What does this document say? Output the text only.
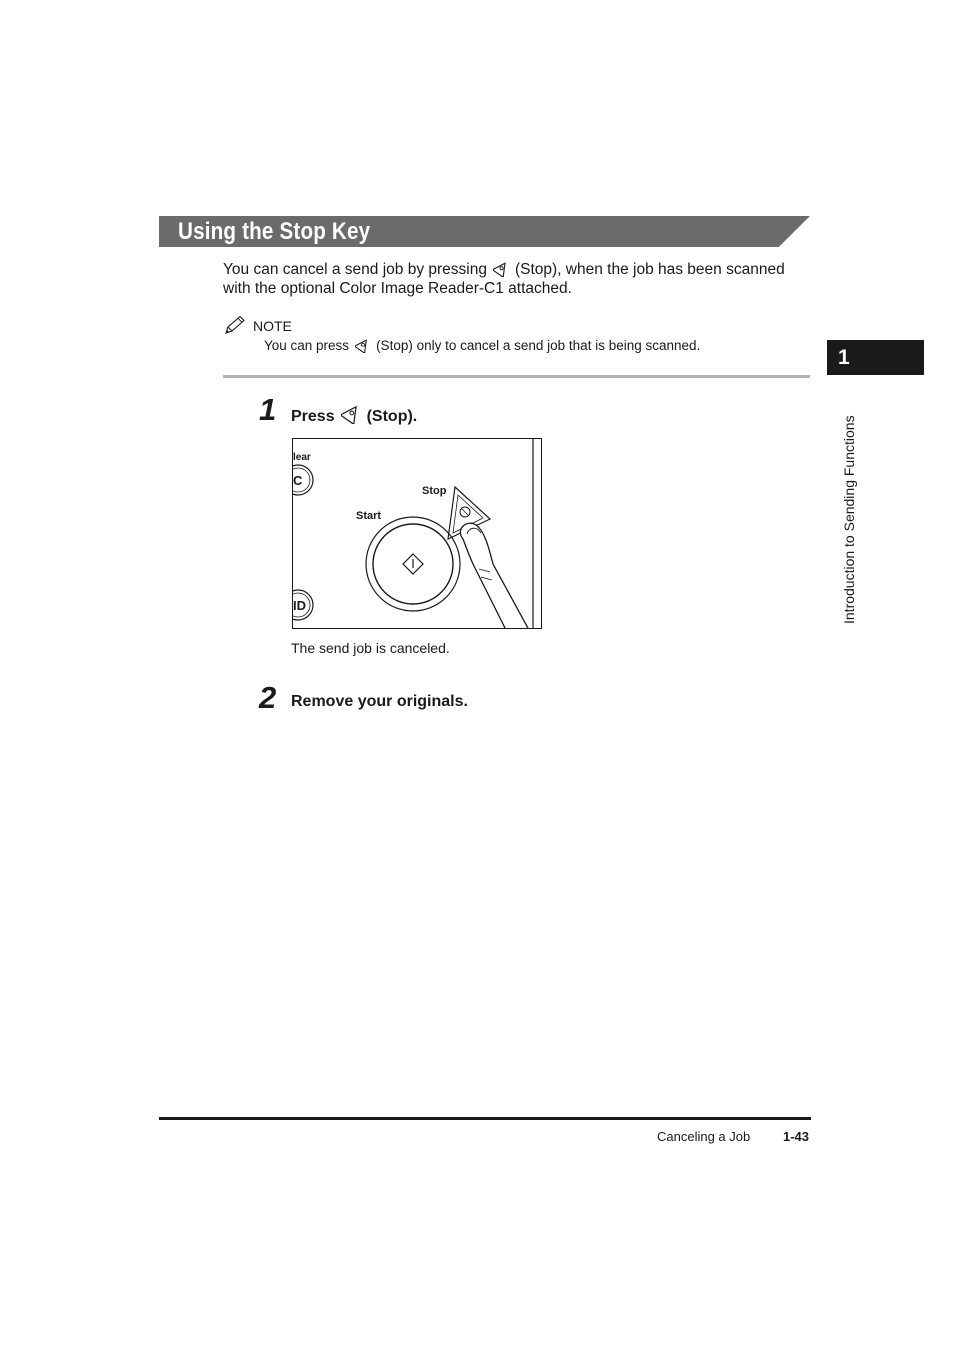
Using the Stop Key
You can cancel a send job by pressing (Stop), when the job has been scanned
with the optional Color Image Reader-C1 attached.
NOTE
You can press (Stop) only to cancel a send job that is being scanned.
1 Press (Stop).
lear
C
ID
Start
Stop
The send job is canceled.
2 Remove your originals.
1
Introduction to Sending Functions
Canceling a Job	1-43
